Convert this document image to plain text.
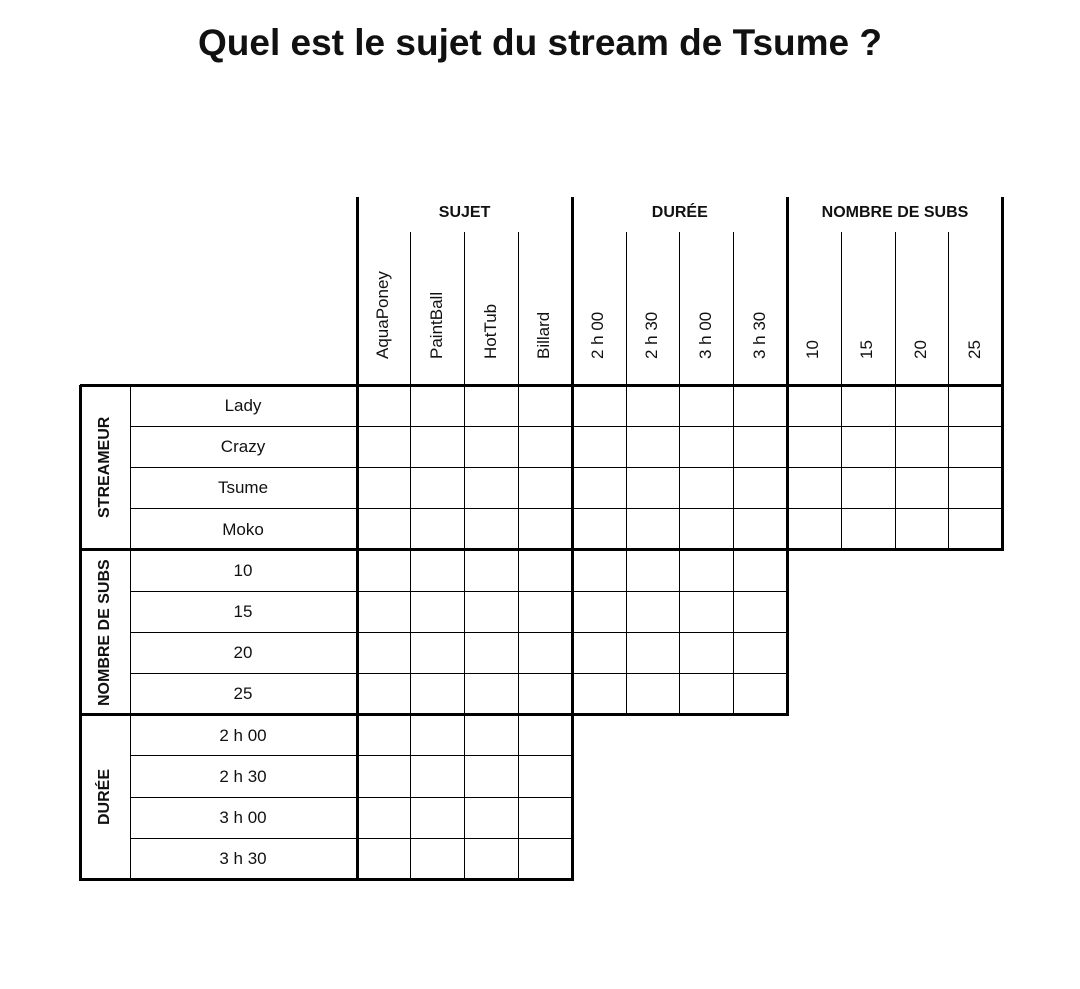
Quel est le sujet du stream de Tsume ?
SUJET
AquaPoney PaintBall HotTub Billard
DURÉE
2 h 00 2 h 30 3 h 00 3 h 30
NOMBRE DE SUBS
10 15 20 25
STREAMEUR
Lady
Crazy
Tsume
Moko
NOMBRE DE SUBS	10
15
20
25
DURÉE
2 h 00
2 h 30
3 h 00
3 h 30
